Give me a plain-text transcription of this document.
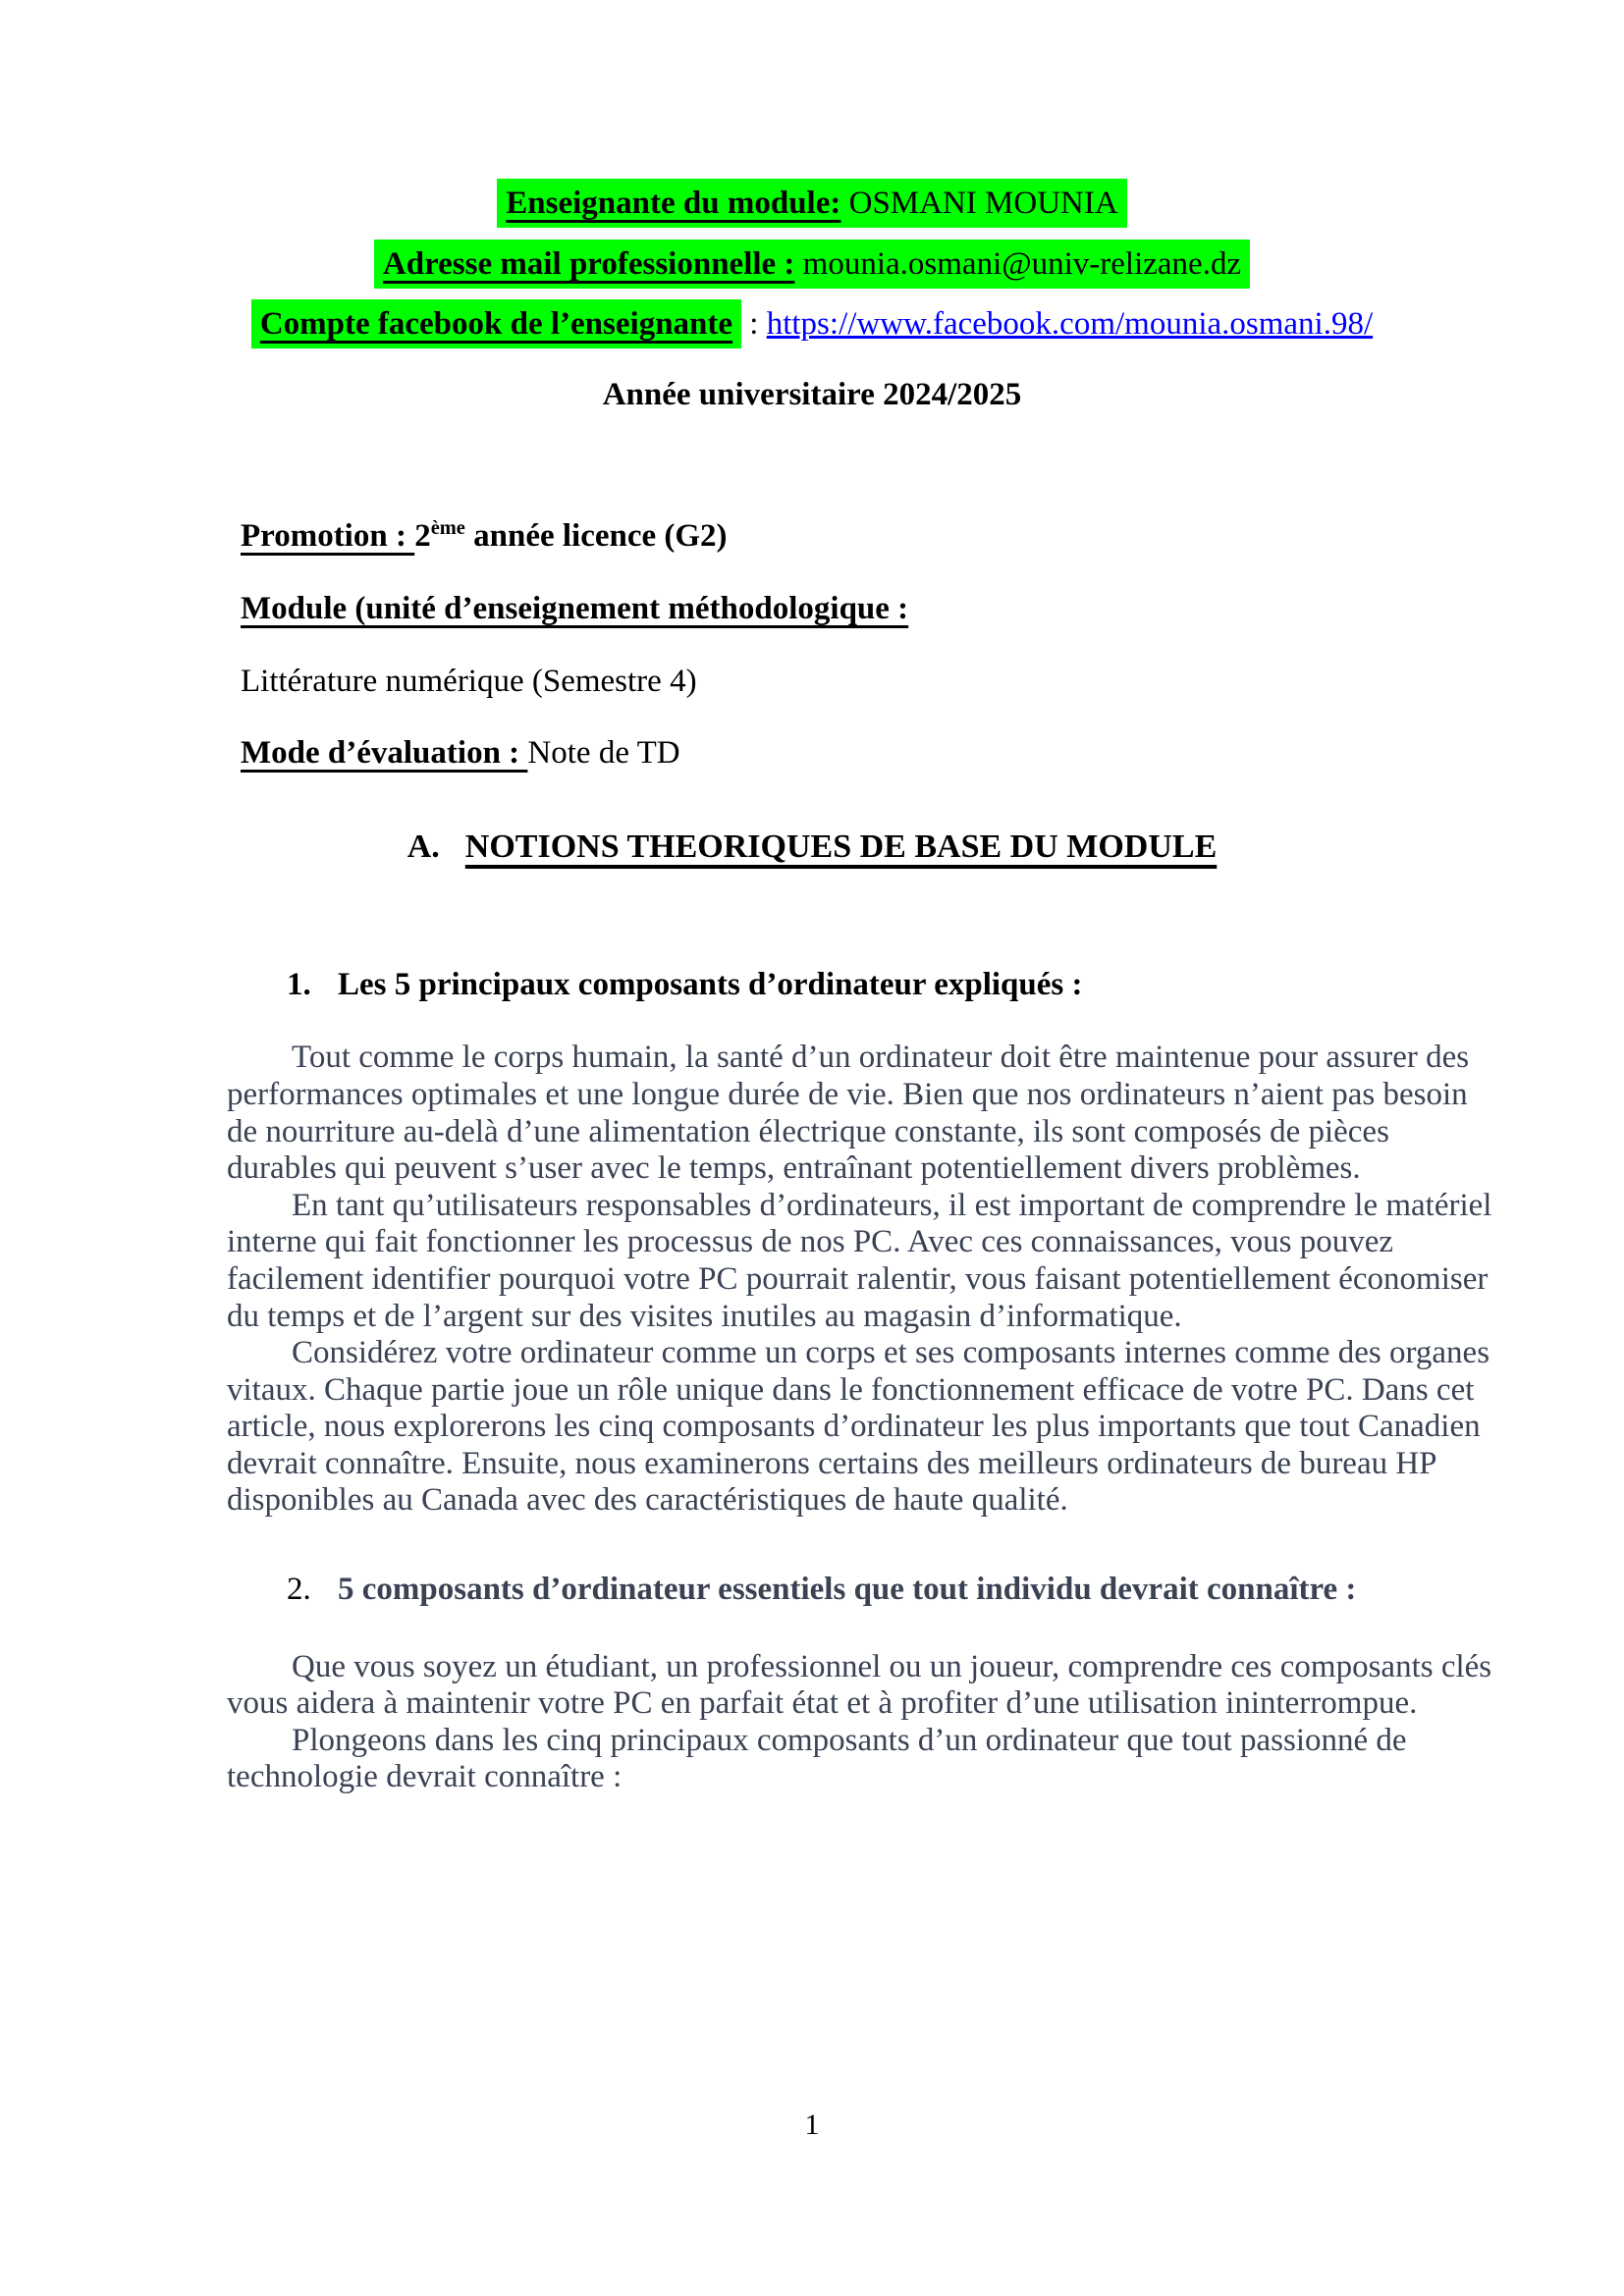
Enseignante du module: OSMANI MOUNIA

Adresse mail professionnelle : mounia.osmani@univ-relizane.dz

Compte facebook de l’enseignante : https://www.facebook.com/mounia.osmani.98/

Année universitaire 2024/2025

Promotion : 2ème année licence (G2)

Module (unité d’enseignement méthodologique :

Littérature numérique (Semestre 4)

Mode d’évaluation : Note de TD

A. NOTIONS THEORIQUES DE BASE DU MODULE

1. Les 5 principaux composants d’ordinateur expliqués :

Tout comme le corps humain, la santé d’un ordinateur doit être maintenue pour assurer des performances optimales et une longue durée de vie. Bien que nos ordinateurs n’aient pas besoin de nourriture au-delà d’une alimentation électrique constante, ils sont composés de pièces durables qui peuvent s’user avec le temps, entraînant potentiellement divers problèmes.

En tant qu’utilisateurs responsables d’ordinateurs, il est important de comprendre le matériel interne qui fait fonctionner les processus de nos PC. Avec ces connaissances, vous pouvez facilement identifier pourquoi votre PC pourrait ralentir, vous faisant potentiellement économiser du temps et de l’argent sur des visites inutiles au magasin d’informatique.

Considérez votre ordinateur comme un corps et ses composants internes comme des organes vitaux. Chaque partie joue un rôle unique dans le fonctionnement efficace de votre PC. Dans cet article, nous explorerons les cinq composants d’ordinateur les plus importants que tout Canadien devrait connaître. Ensuite, nous examinerons certains des meilleurs ordinateurs de bureau HP disponibles au Canada avec des caractéristiques de haute qualité.

2. 5 composants d’ordinateur essentiels que tout individu devrait connaître :

Que vous soyez un étudiant, un professionnel ou un joueur, comprendre ces composants clés vous aidera à maintenir votre PC en parfait état et à profiter d’une utilisation ininterrompue.

Plongeons dans les cinq principaux composants d’un ordinateur que tout passionné de technologie devrait connaître :

1
